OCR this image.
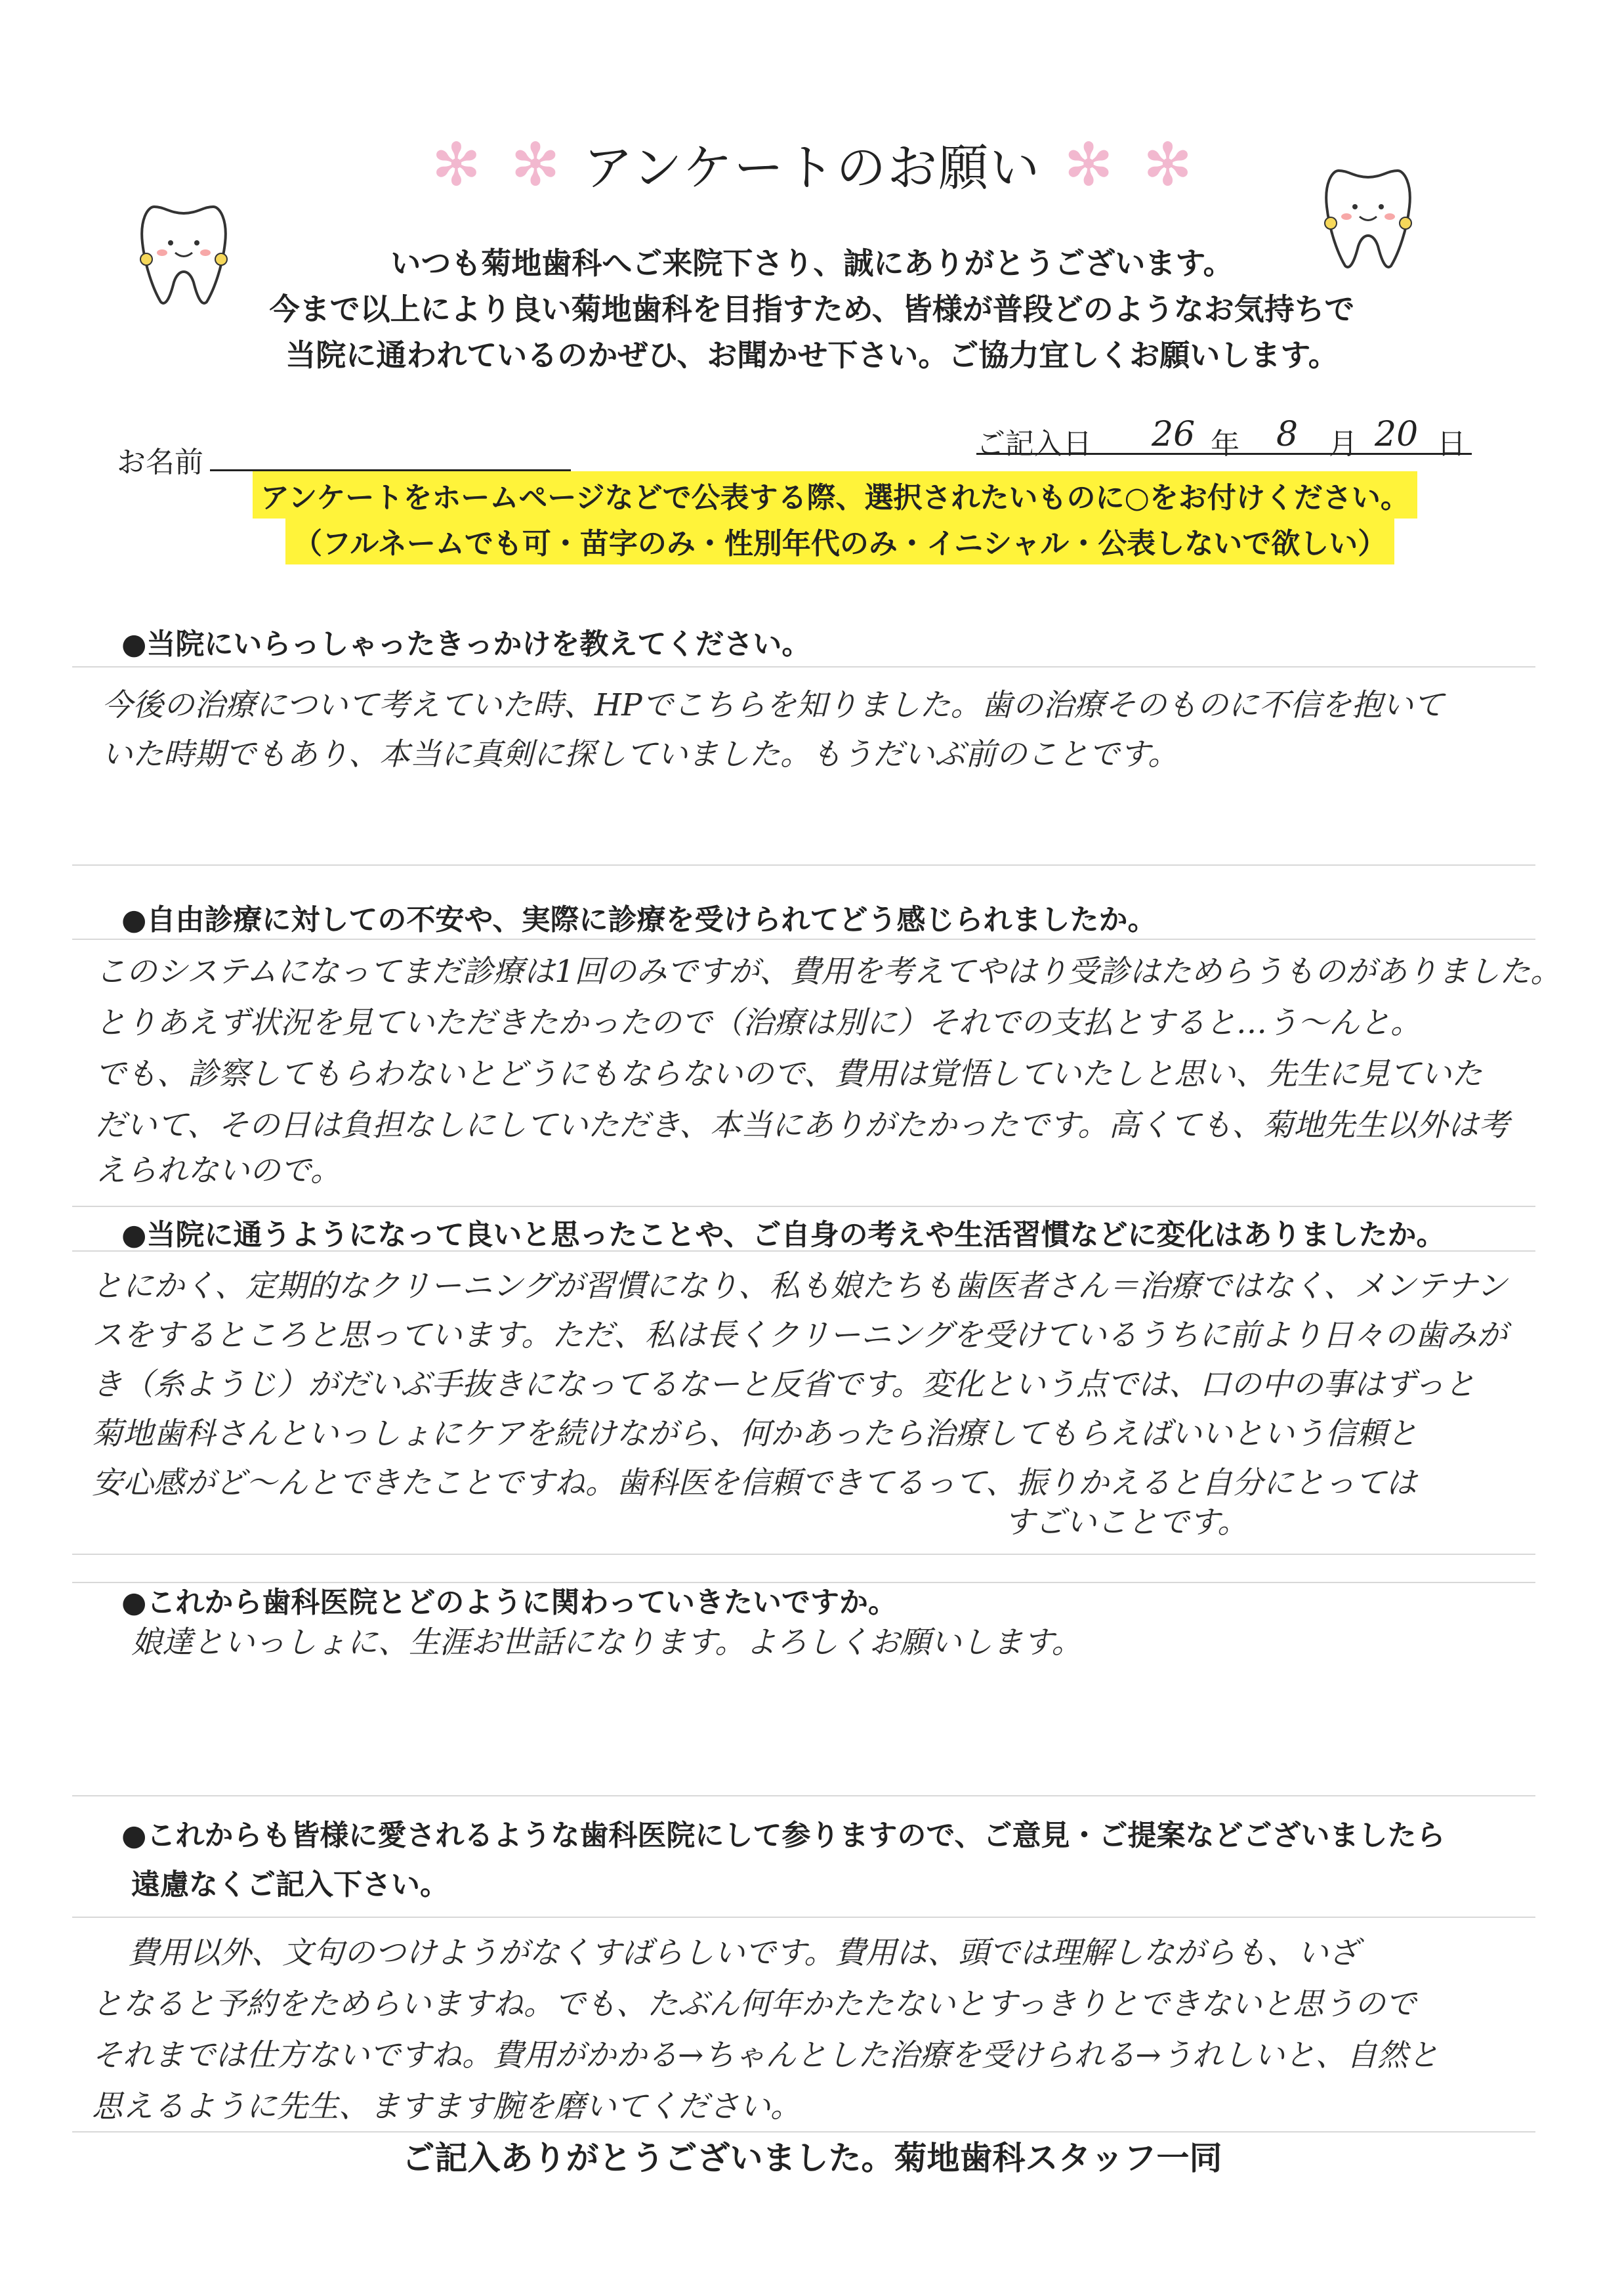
✻ ✻ アンケートのお願い ✻ ✻
いつも菊地歯科へご来院下さり、誠にありがとうございます。
今まで以上により良い菊地歯科を目指すため、皆様が普段どのようなお気持ちで
当院に通われているのかぜひ、お聞かせ下さい。ご協力宜しくお願いします。
お名前
ご記入日 26 年 8 月 20 日
アンケートをホームページなどで公表する際、選択されたいものに○をお付けください。
（フルネームでも可・苗字のみ・性別年代のみ・イニシャル・公表しないで欲しい）
●当院にいらっしゃったきっかけを教えてください。
今後の治療について考えていた時、HPでこちらを知りました。歯の治療そのものに不信を抱いて
いた時期でもあり、本当に真剣に探していました。もうだいぶ前のことです。
●自由診療に対しての不安や、実際に診療を受けられてどう感じられましたか。
このシステムになってまだ診療は1回のみですが、費用を考えてやはり受診はためらうものがありました。
とりあえず状況を見ていただきたかったので（治療は別に）それでの支払とすると…う～んと。
でも、診察してもらわないとどうにもならないので、費用は覚悟していたしと思い、先生に見ていた
だいて、その日は負担なしにしていただき、本当にありがたかったです。高くても、菊地先生以外は考
えられないので。
●当院に通うようになって良いと思ったことや、ご自身の考えや生活習慣などに変化はありましたか。
とにかく、定期的なクリーニングが習慣になり、私も娘たちも歯医者さん＝治療ではなく、メンテナン
スをするところと思っています。ただ、私は長くクリーニングを受けているうちに前より日々の歯みが
き（糸ようじ）がだいぶ手抜きになってるなーと反省です。変化という点では、口の中の事はずっと
菊地歯科さんといっしょにケアを続けながら、何かあったら治療してもらえばいいという信頼と
安心感がど～んとできたことですね。歯科医を信頼できてるって、振りかえると自分にとっては
すごいことです。
●これから歯科医院とどのように関わっていきたいですか。
娘達といっしょに、生涯お世話になります。よろしくお願いします。
●これからも皆様に愛されるような歯科医院にして参りますので、ご意見・ご提案などございましたら
遠慮なくご記入下さい。
費用以外、文句のつけようがなくすばらしいです。費用は、頭では理解しながらも、いざ
となると予約をためらいますね。でも、たぶん何年かたたないとすっきりとできないと思うので
それまでは仕方ないですね。費用がかかる→ちゃんとした治療を受けられる→うれしいと、自然と
思えるように先生、ますます腕を磨いてください。
ご記入ありがとうございました。菊地歯科スタッフ一同
